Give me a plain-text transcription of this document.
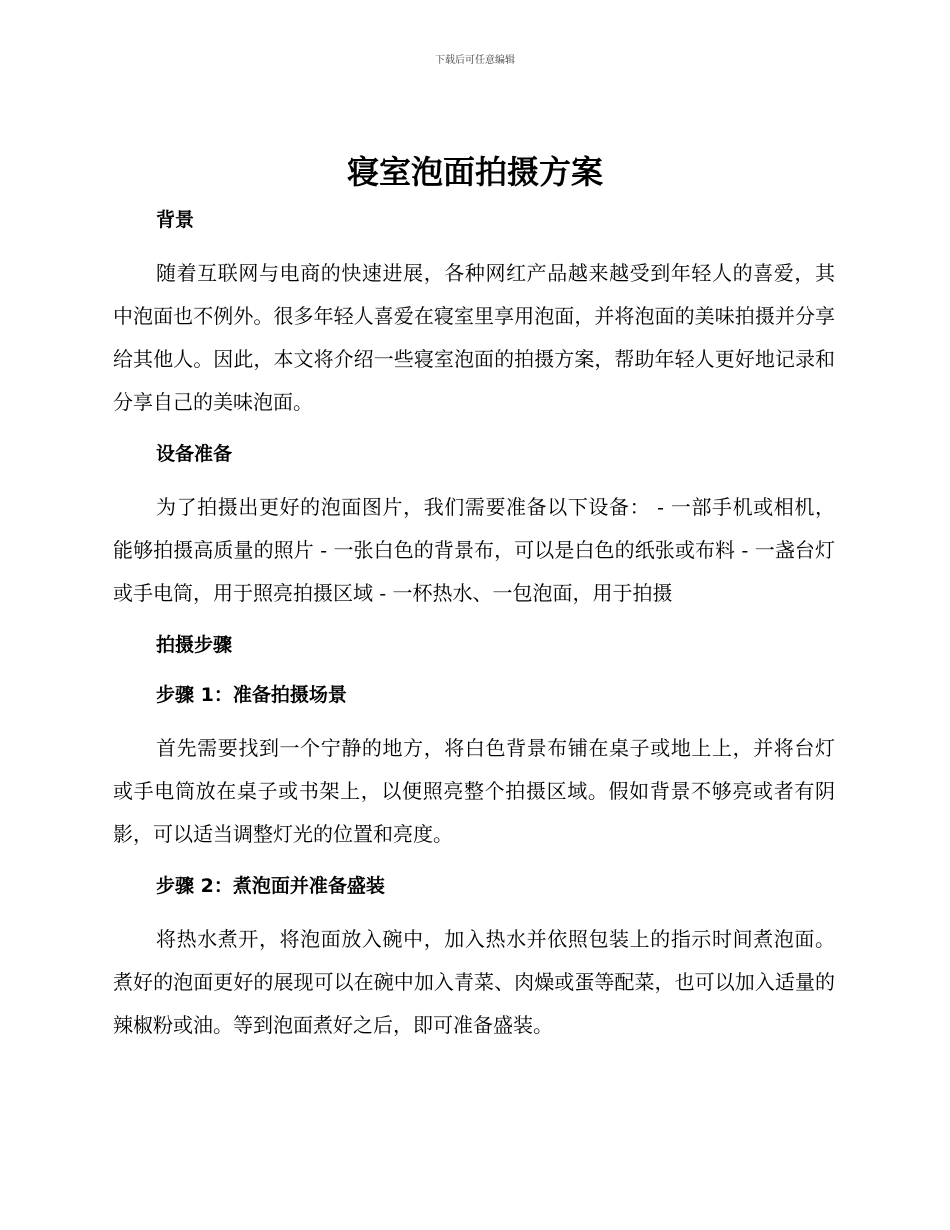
下载后可任意编辑
寝室泡面拍摄方案
背景

随着互联网与电商的快速进展，各种网红产品越来越受到年轻人的喜爱，其中泡面也不例外。很多年轻人喜爱在寝室里享用泡面，并将泡面的美味拍摄并分享给其他人。因此，本文将介绍一些寝室泡面的拍摄方案，帮助年轻人更好地记录和分享自己的美味泡面。

设备准备

为了拍摄出更好的泡面图片，我们需要准备以下设备： - 一部手机或相机，能够拍摄高质量的照片 - 一张白色的背景布，可以是白色的纸张或布料 - 一盏台灯或手电筒，用于照亮拍摄区域 - 一杯热水、一包泡面，用于拍摄

拍摄步骤
步骤 1：准备拍摄场景

首先需要找到一个宁静的地方，将白色背景布铺在桌子或地上上，并将台灯或手电筒放在桌子或书架上，以便照亮整个拍摄区域。假如背景不够亮或者有阴影，可以适当调整灯光的位置和亮度。

步骤 2：煮泡面并准备盛装

将热水煮开，将泡面放入碗中，加入热水并依照包装上的指示时间煮泡面。煮好的泡面更好的展现可以在碗中加入青菜、肉燥或蛋等配菜，也可以加入适量的辣椒粉或油。等到泡面煮好之后，即可准备盛装。
